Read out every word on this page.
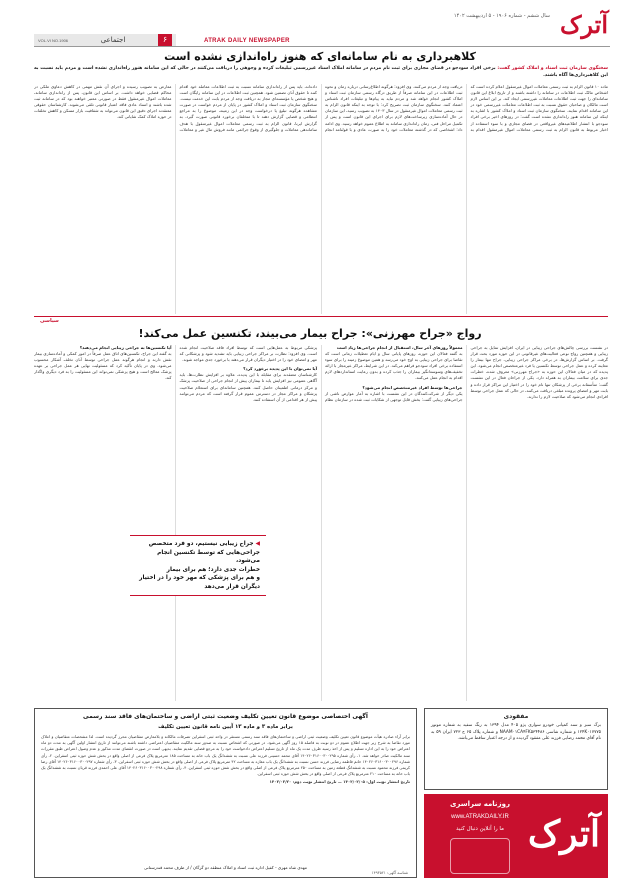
آترک
سال ششم - شماره ۱۹۰۶ - ۵ اردیبهشت ۱۴۰۲
ATRAK DAILY NEWSPAPER
۶
اجتماعی
VOL.VI NO.1906
کلاهبرداری به نام سامانه‌ای که هنوز راه‌اندازی نشده است
سخنگوی سازمان ثبت اسناد و املاک کشور گفت: برخی افراد سودجو در فضای مجازی برای ثبت نام مردم در سامانه املاک اسناد غیررسمی تبلیغات کرده و وجوهی را دریافت می‌کنند در حالی که این سامانه هنوز راه‌اندازی نشده است و مردم باید نسبت به این کلاهبرداری‌ها آگاه باشند.
ماده ۱۰ قانون الزام به ثبت رسمی معاملات اموال غیرمنقول اعلام کرده است که اشخاص مالک ثبت اطلاعات در سامانه را داشته باشند و از تاریخ ابلاغ این قانون سامانه‌ای را جهت ثبت اطلاعات معاملات غیررسمی ایجاد کند. بر این اساس لازم است مالکان و صاحبان حقوق نسبت به ثبت اطلاعات معاملات غیررسمی خود در این سامانه اقدام نمایند. سخنگوی سازمان ثبت اسناد و املاک کشور با اشاره به اینکه این سامانه هنوز راه‌اندازی نشده است گفت: در روزهای اخیر برخی افراد سودجو با انتشار اطلاعیه‌های غیرواقعی در فضای مجازی و با سوء استفاده از اخبار مربوط به قانون الزام به ثبت رسمی معاملات اموال غیرمنقول اقدام به دریافت وجه از مردم می‌کنند. وی افزود: هرگونه اطلاع‌رسانی درباره زمان و نحوه ثبت اطلاعات در این سامانه صرفاً از طریق درگاه رسمی سازمان ثبت اسناد و املاک کشور انجام خواهد شد و مردم نباید به پیام‌ها و تبلیغات افراد ناشناس اعتماد کنند. سخنگوی سازمان ثبت تصریح کرد: با توجه به اینکه قانون الزام به ثبت رسمی معاملات اموال غیرمنقول در سال ۱۴۰۳ به تصویب رسید، این سازمان در حال آماده‌سازی زیرساخت‌های لازم برای اجرای این قانون است و پس از تکمیل مراحل فنی، زمان راه‌اندازی سامانه به اطلاع عموم خواهد رسید. وی ادامه داد: اشخاصی که در گذشته معاملات خود را به صورت عادی و با قولنامه انجام داده‌اند، باید پس از راه‌اندازی سامانه نسبت به ثبت اطلاعات معامله خود اقدام کنند تا حقوق آنان تضمین شود. همچنین ثبت اطلاعات در این سامانه رایگان است و هیچ شخص یا مؤسسه‌ای مجاز به دریافت وجه از مردم بابت این خدمت نیست. سخنگوی سازمان ثبت اسناد و املاک کشور در پایان از مردم خواست در صورت مشاهده هرگونه تبلیغ یا درخواست وجه در این زمینه، موضوع را به مراجع انتظامی و قضایی گزارش دهند تا با متخلفان برخورد قانونی صورت گیرد. به گزارش ایرنا، قانون الزام به ثبت رسمی معاملات اموال غیرمنقول با هدف ساماندهی معاملات و جلوگیری از وقوع جرائمی مانند فروش مال غیر و معاملات معارض به تصویب رسیده و اجرای آن نقش مهمی در کاهش دعاوی ملکی در محاکم قضایی خواهد داشت. بر اساس این قانون، پس از راه‌اندازی سامانه، معاملات اموال غیرمنقول فقط در صورتی معتبر خواهند بود که در سامانه ثبت شده باشند و اسناد عادی فاقد اعتبار قانونی تلقی می‌شوند. کارشناسان حقوقی معتقدند اجرای دقیق این قانون می‌تواند به شفافیت بازار مسکن و کاهش تخلفات در حوزه املاک کمک شایانی کند.
سیاسی
رواج «جراح مهرزنی»: جراح بیمار می‌بیند، تکنسین عمل می‌کند!
در نشست بررسی چالش‌های جراحی زیبایی در ایران، افزایش تمایل به جراحی زیبایی و همچنین رواج نوعی فعالیت‌های غیرقانونی در این حوزه مورد بحث قرار گرفت. بر اساس گزارش‌ها، در برخی مراکز جراحی زیبایی، جراح تنها بیمار را معاینه کرده و عمل جراحی توسط تکنسین یا فرد غیرمتخصص انجام می‌شود. این پدیده که در میان فعالان این حوزه به «جراح مهرزنی» معروف شده، خطرات جدی برای سلامت بیماران به همراه دارد. یکی از جراحان فعال در این نشست گفت: متأسفانه برخی از پزشکان تنها نام خود را در اختیار این مراکز قرار داده و بابت مهر و امضای پرونده مبلغی دریافت می‌کنند، در حالی که عمل جراحی توسط افرادی انجام می‌شود که صلاحیت لازم را ندارند.
معمولاً روزهای آخر سال، استقبال از انجام جراحی‌ها زیاد است
به گفته فعالان این حوزه، روزهای پایانی سال و ایام تعطیلات زمانی است که تقاضا برای جراحی زیبایی به اوج خود می‌رسد و همین موضوع زمینه را برای سوء استفاده برخی افراد سودجو فراهم می‌کند. در این شرایط، مراکز غیرمجاز با ارائه تخفیف‌های وسوسه‌انگیز بیماران را جذب کرده و بدون رعایت استانداردهای لازم اقدام به انجام عمل می‌کنند.
جراحی‌ها توسط افراد غیرمتخصص انجام می‌شود؟
یکی دیگر از شرکت‌کنندگان در این نشست با اشاره به آمار عوارض ناشی از جراحی‌های زیبایی گفت: بخش قابل توجهی از شکایات ثبت شده در سازمان نظام پزشکی مربوط به عمل‌هایی است که توسط افراد فاقد صلاحیت انجام شده است. وی افزود: نظارت بر مراکز جراحی زیبایی باید تشدید شود و پزشکانی که مهر و امضای خود را در اختیار دیگران قرار می‌دهند با برخورد جدی مواجه شوند.
آیا نمی‌توان با این پدیده برخورد کرد؟
کارشناسان معتقدند برای مقابله با این پدیده، علاوه بر افزایش نظارت‌ها، باید آگاهی عمومی نیز افزایش یابد تا بیماران پیش از انجام جراحی از صلاحیت پزشک و مرکز درمانی اطمینان حاصل کنند. همچنین سامانه‌ای برای استعلام صلاحیت پزشکان و مراکز مجاز در دسترس عموم قرار گرفته است که مردم می‌توانند پیش از هر اقدامی از آن استفاده کنند.
آیا تکنسین‌ها به جراحی زیبایی انجام می‌دهند؟
به گفته این جراح، تکنسین‌های اتاق عمل صرفاً در امور کمکی و آماده‌سازی بیمار نقش دارند و انجام هرگونه عمل جراحی توسط آنان تخلف آشکار محسوب می‌شود. وی در پایان تأکید کرد که مسئولیت نهایی هر عمل جراحی بر عهده پزشک معالج است و هیچ پزشکی نمی‌تواند این مسئولیت را به فرد دیگری واگذار کند.
◀ جراح زیبایی نیستیم، دو فرد متخصص
جراحی‌هایی که توسط تکنسین انجام می‌شود،
خطرات جدی دارد؛ هم برای بیمار
و هم برای پزشکی که مهر خود را در اختیار دیگران قرار می‌دهد
آگهی اختصاصی موضوع قانون تعیین تکلیف وضعیت ثبتی اراضی و ساختمان‌های فاقد سند رسمی
برابر ماده ۳ و ماده ۱۳ آیین نامه قانون تعیین تکلیف
برابر آراء صادره هیأت موضوع قانون تعیین تکلیف وضعیت ثبتی اراضی و ساختمان‌های فاقد سند رسمی مستقر در واحد ثبتی اسفراین تصرفات مالکانه و بلامعارض متقاضیان محرز گردیده است. لذا مشخصات متقاضیان و املاک مورد تقاضا به شرح زیر جهت اطلاع عموم در دو نوبت به فاصله ۱۵ روز آگهی می‌شود. در صورتی که اشخاص نسبت به صدور سند مالکیت متقاضیان اعتراضی داشته باشند می‌توانند از تاریخ انتشار اولین آگهی به مدت دو ماه اعتراض خود را به این اداره تسلیم و پس از اخذ رسید ظرف مدت یک ماه از تاریخ تسلیم اعتراض دادخواست خود را به مرجع قضایی تقدیم نمایند. بدیهی است در صورت انقضای مدت مذکور و عدم وصول اعتراض طبق مقررات سند مالکیت صادر خواهد شد. ۱- رأی شماره ۱۴۰۲۶۰۳۱۶۰۰۳۰۰۲۹۵ آقای محمد حسینی فرزند علی نسبت به ششدانگ یک باب خانه به مساحت ۱۸۵ مترمربع پلاک فرعی از اصلی واقع در بخش شش حوزه ثبتی اسفراین. ۲- رأی شماره ۱۴۰۲۶۰۳۱۶۰۰۳۰۰۲۹۶ خانم فاطمه رضایی فرزند حسن نسبت به ششدانگ یک باب مغازه به مساحت ۴۲ مترمربع پلاک فرعی از اصلی واقع در بخش شش حوزه ثبتی اسفراین. ۳- رأی شماره ۱۴۰۲۶۰۳۱۶۰۰۳۰۰۲۹۷ آقای رضا کریمی فرزند محمود نسبت به ششدانگ قطعه زمین به مساحت ۲۵۰ مترمربع پلاک فرعی از اصلی واقع در بخش شش حوزه ثبتی اسفراین. ۴- رأی شماره ۱۴۰۲۶۰۳۱۶۰۰۳۰۰۲۹۸ آقای علی احمدی فرزند قربان نسبت به ششدانگ یک باب خانه به مساحت ۲۱۰ مترمربع پلاک فرعی از اصلی واقع در بخش شش حوزه ثبتی اسفراین.
تاریخ انتشار نوبت اول: ۱۴۰۲/۰۲/۰۵ — تاریخ انتشار نوبت دوم: ۱۴۰۲/۰۲/۲۰
مهدی شاه مهری - کفیل اداره ثبت اسناد و املاک منطقه دو گرگان / از طرف محمد قندرستانی
شناسه آگهی: ۱۴۹۳۵۲۱
مفقودی
برگ سبز و سند کمپانی خودرو سواری پژو ۴۰۵ مدل ۱۳۹۴ به رنگ سفید به شماره موتور ۱۲۴K۰۱۷۷۷۵ و شماره شاسی NAAM۰۱CA۴FK۵۳۴۴۸۶ و شماره پلاک ۶۵ ج ۷۲۳ ایران ۵۹ به نام آقای محمد رضایی فرزند علی مفقود گردیده و از درجه اعتبار ساقط می‌باشد.
آترک
روزنامه سراسری
www.ATRAKDAILY.IR
ما را آنلاین دنبال کنید
